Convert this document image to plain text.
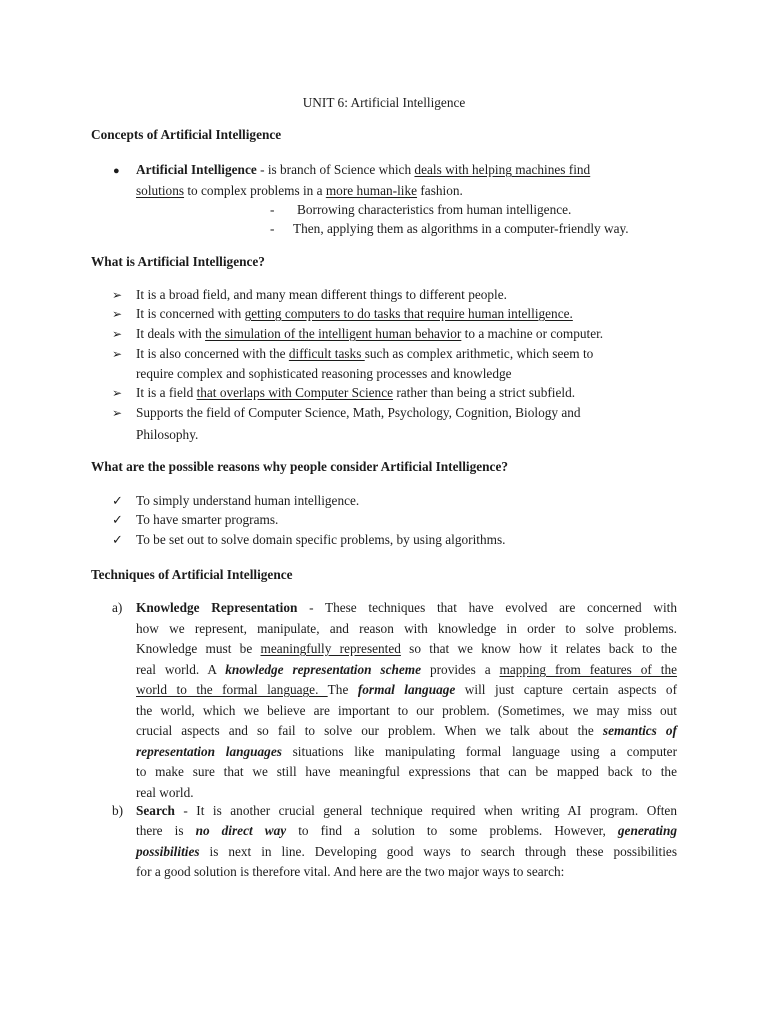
UNIT 6: Artificial Intelligence
Concepts of Artificial Intelligence
● Artificial Intelligence - is branch of Science which deals with helping machines find
solutions to complex problems in a more human-like fashion.
- Borrowing characteristics from human intelligence.
- Then, applying them as algorithms in a computer-friendly way.
What is Artificial Intelligence?
➢ It is a broad field, and many mean different things to different people.
➢ It is concerned with getting computers to do tasks that require human intelligence.
➢ It deals with the simulation of the intelligent human behavior to a machine or computer.
➢ It is also concerned with the difficult tasks such as complex arithmetic, which seem to
require complex and sophisticated reasoning processes and knowledge
➢ It is a field that overlaps with Computer Science rather than being a strict subfield.
➢ Supports the field of Computer Science, Math, Psychology, Cognition, Biology and
Philosophy.
What are the possible reasons why people consider Artificial Intelligence?
✓ To simply understand human intelligence.
✓ To have smarter programs.
✓ To be set out to solve domain specific problems, by using algorithms.
Techniques of Artificial Intelligence
a) Knowledge Representation - These techniques that have evolved are concerned with
how we represent, manipulate, and reason with knowledge in order to solve problems.
Knowledge must be meaningfully represented so that we know how it relates back to the
real world. A knowledge representation scheme provides a mapping from features of the
world to the formal language. The formal language will just capture certain aspects of
the world, which we believe are important to our problem. (Sometimes, we may miss out
crucial aspects and so fail to solve our problem. When we talk about the semantics of
representation languages situations like manipulating formal language using a computer
to make sure that we still have meaningful expressions that can be mapped back to the
real world.
b) Search - It is another crucial general technique required when writing AI program. Often
there is no direct way to find a solution to some problems. However, generating
possibilities is next in line. Developing good ways to search through these possibilities
for a good solution is therefore vital. And here are the two major ways to search:
